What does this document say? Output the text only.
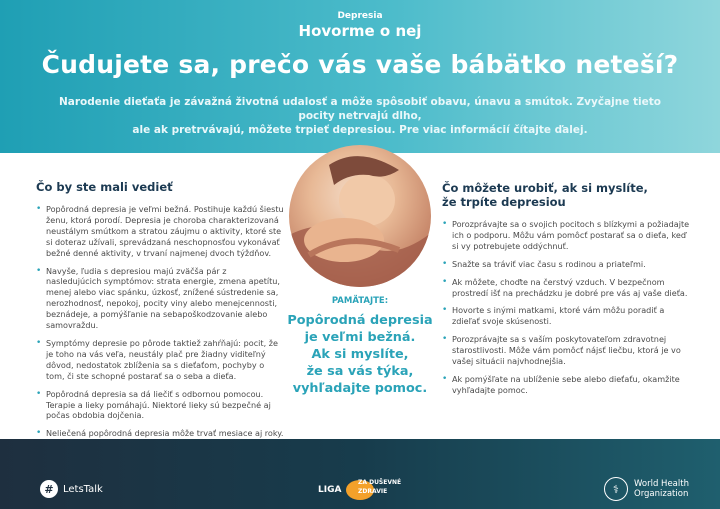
Depresia
Hovorme o nej
Čudujete sa, prečo vás vaše bábätko neteší?
Narodenie dieťaťa je závažná životná udalosť a môže spôsobiť obavu, únavu a smútok. Zvyčajne tieto pocity netrvajú dlho,
ale ak pretrvávajú, môžete trpieť depresiou. Pre viac informácií čítajte ďalej.
Čo by ste mali vedieť
• Popôrodná depresia je veľmi bežná. Postihuje každú šiestu ženu, ktorá porodí. Depresia je choroba charakterizovaná neustálym smútkom a stratou záujmu o aktivity, ktoré ste si doteraz užívali, sprevádzaná neschopnosťou vykonávať bežné denné aktivity, v trvaní najmenej dvoch týždňov.
• Navyše, ľudia s depresiou majú zväčša pár z nasledujúcich symptómov: strata energie, zmena apetítu, menej alebo viac spánku, úzkosť, znížené sústredenie sa, nerozhodnosť, nepokoj, pocity viny alebo menejcennosti, beznádeje, a pomýšľanie na sebapoškodzovanie alebo samovraždu.
• Symptómy depresie po pôrode taktiež zahŕňajú: pocit, že je toho na vás veľa, neustály plač pre žiadny viditeľný dôvod, nedostatok zblíženia sa s dieťaťom, pochyby o tom, či ste schopné postarať sa o seba a dieťa.
• Popôrodná depresia sa dá liečiť s odbornou pomocou. Terapie a lieky pomáhajú. Niektoré lieky sú bezpečné aj počas obdobia dojčenia.
• Neliečená popôrodná depresia môže trvať mesiace aj roky.
PAMÄTAJTE:
Popôrodná depresia
je veľmi bežná.
Ak si myslíte,
že sa vás týka,
vyhľadajte pomoc.
Čo môžete urobiť, ak si myslíte,
že trpíte depresiou
• Porozprávajte sa o svojich pocitoch s blízkymi a požiadajte ich o podporu. Môžu vám pomôcť postarať sa o dieťa, keď si vy potrebujete oddýchnuť.
• Snažte sa tráviť viac času s rodinou a priateľmi.
• Ak môžete, choďte na čerstvý vzduch. V bezpečnom prostredí išť na prechádzku je dobré pre vás aj vaše dieťa.
• Hovorte s inými matkami, ktoré vám môžu poradiť a zdieľať svoje skúsenosti.
• Porozprávajte sa s vaším poskytovateľom zdravotnej starostlivosti. Môže vám pomôcť nájsť liečbu, ktorá je vo vašej situácii najvhodnejšia.
• Ak pomýšľate na ublíženie sebe alebo dieťaťu, okamžite vyhľadajte pomoc.
# LetsTalk	LIGA
ZA DUŠEVNÉ
ZDRAVIE	⚕	World Health
Organization
